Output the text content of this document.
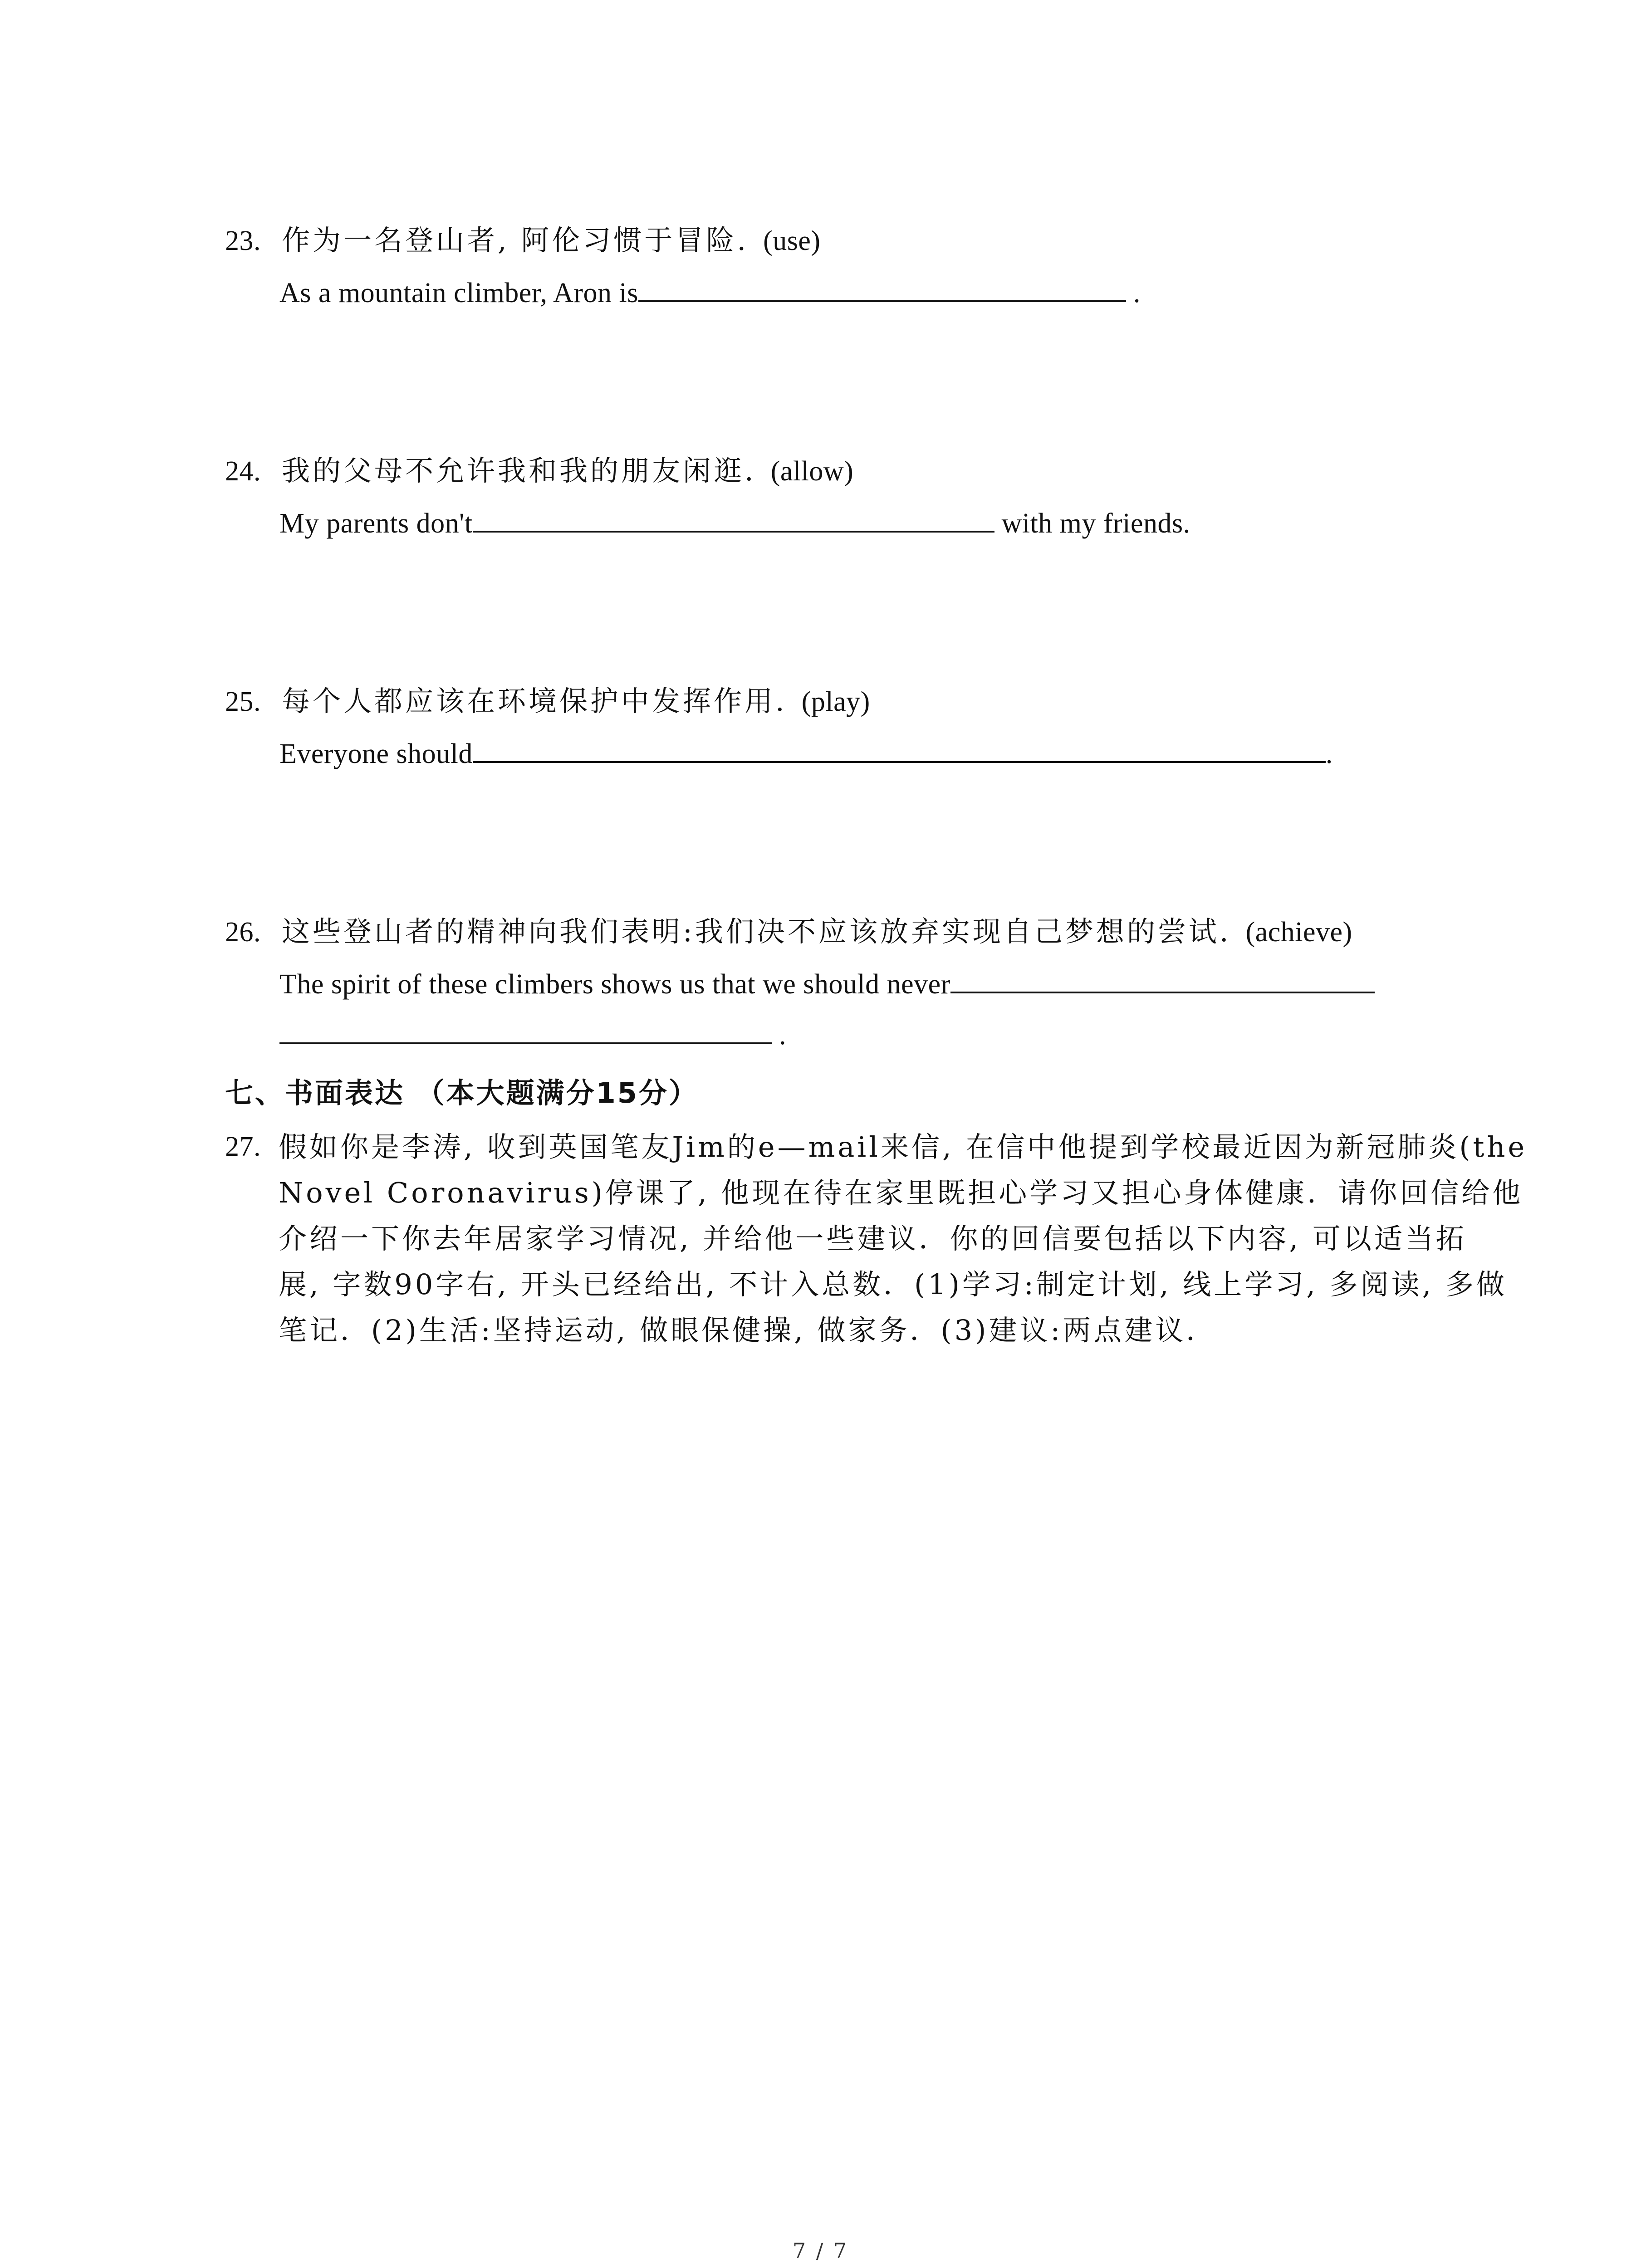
23. 作为一名登山者, 阿伦习惯于冒险. (use)
As a mountain climber, Aron is	.
24. 我的父母不允许我和我的朋友闲逛. (allow)
My parents don't	with my friends.
25. 每个人都应该在环境保护中发挥作用. (play)
Everyone should	.
26. 这些登山者的精神向我们表明:我们决不应该放弃实现自己梦想的尝试. (achieve)
The spirit of these climbers shows us that we should never
.
七、书面表达 （本大题满分15分）
27. 假如你是李涛, 收到英国笔友Jim的e—mail来信, 在信中他提到学校最近因为新冠肺炎(the
Novel Coronavirus)停课了, 他现在待在家里既担心学习又担心身体健康．请你回信给他
介绍一下你去年居家学习情况, 并给他一些建议．你的回信要包括以下内容, 可以适当拓
展, 字数90字右, 开头已经给出, 不计入总数．(1)学习:制定计划, 线上学习, 多阅读, 多做
笔记．(2)生活:坚持运动, 做眼保健操, 做家务．(3)建议:两点建议．
7 / 7
